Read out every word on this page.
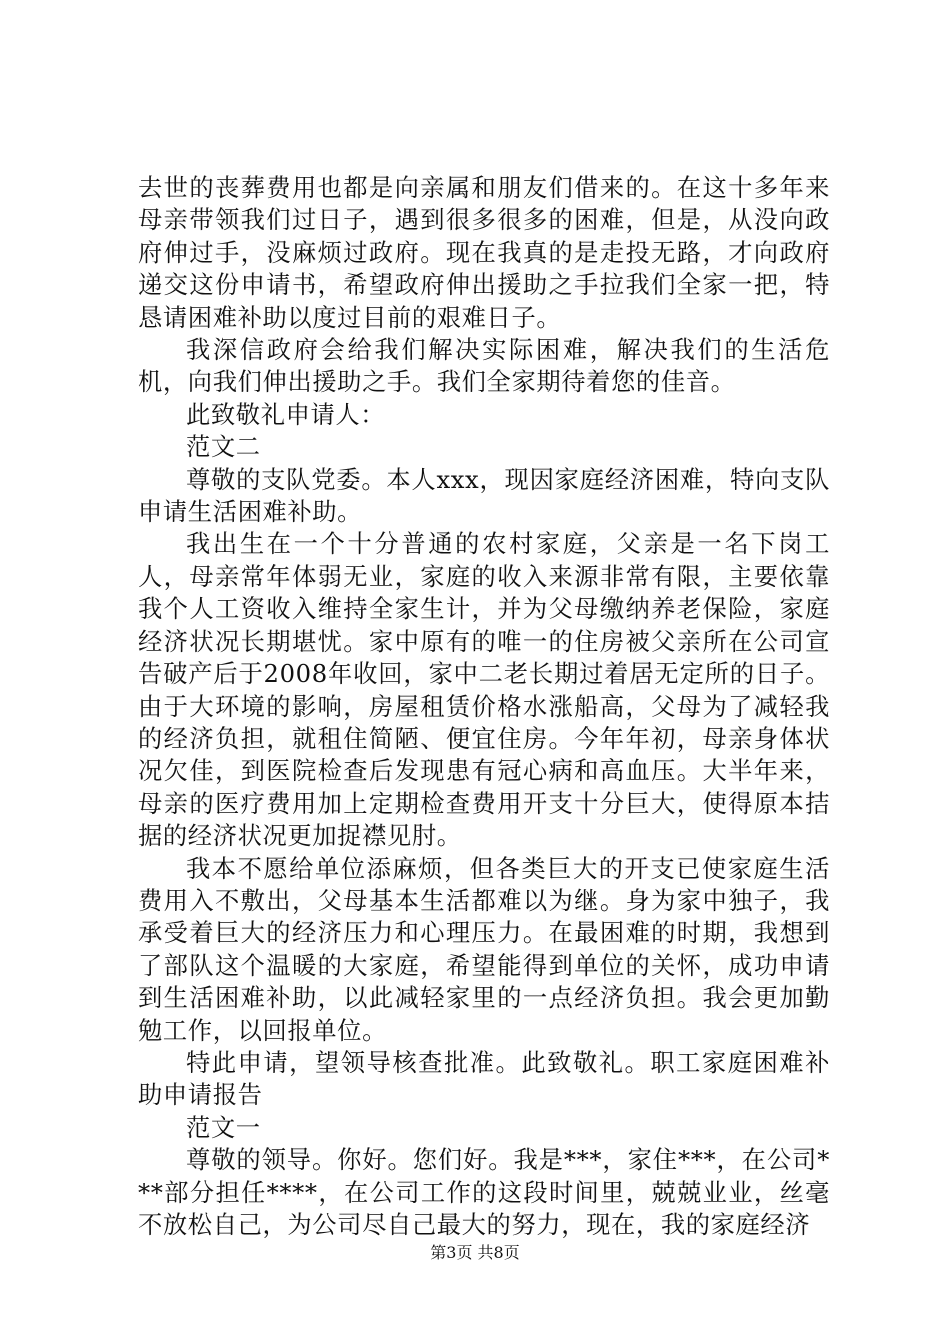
去世的丧葬费用也都是向亲属和朋友们借来的。在这十多年来母亲带领我们过日子，遇到很多很多的困难，但是，从没向政府伸过手，没麻烦过政府。现在我真的是走投无路，才向政府递交这份申请书，希望政府伸出援助之手拉我们全家一把，特恳请困难补助以度过目前的艰难日子。

我深信政府会给我们解决实际困难，解决我们的生活危机，向我们伸出援助之手。我们全家期待着您的佳音。

此致敬礼申请人：

范文二

尊敬的支队党委。本人xxx，现因家庭经济困难，特向支队申请生活困难补助。

我出生在一个十分普通的农村家庭，父亲是一名下岗工人，母亲常年体弱无业，家庭的收入来源非常有限，主要依靠我个人工资收入维持全家生计，并为父母缴纳养老保险，家庭经济状况长期堪忧。家中原有的唯一的住房被父亲所在公司宣告破产后于2008年收回，家中二老长期过着居无定所的日子。由于大环境的影响，房屋租赁价格水涨船高，父母为了减轻我的经济负担，就租住简陋、便宜住房。今年年初，母亲身体状况欠佳，到医院检查后发现患有冠心病和高血压。大半年来，母亲的医疗费用加上定期检查费用开支十分巨大，使得原本拮据的经济状况更加捉襟见肘。

我本不愿给单位添麻烦，但各类巨大的开支已使家庭生活费用入不敷出，父母基本生活都难以为继。身为家中独子，我承受着巨大的经济压力和心理压力。在最困难的时期，我想到了部队这个温暖的大家庭，希望能得到单位的关怀，成功申请到生活困难补助，以此减轻家里的一点经济负担。我会更加勤勉工作，以回报单位。

特此申请，望领导核查批准。此致敬礼。职工家庭困难补助申请报告

范文一

尊敬的领导。你好。您们好。我是***，家住***，在公司***部分担任****，在公司工作的这段时间里，兢兢业业，丝毫不放松自己，为公司尽自己最大的努力，现在，我的家庭经济

第3页 共8页
